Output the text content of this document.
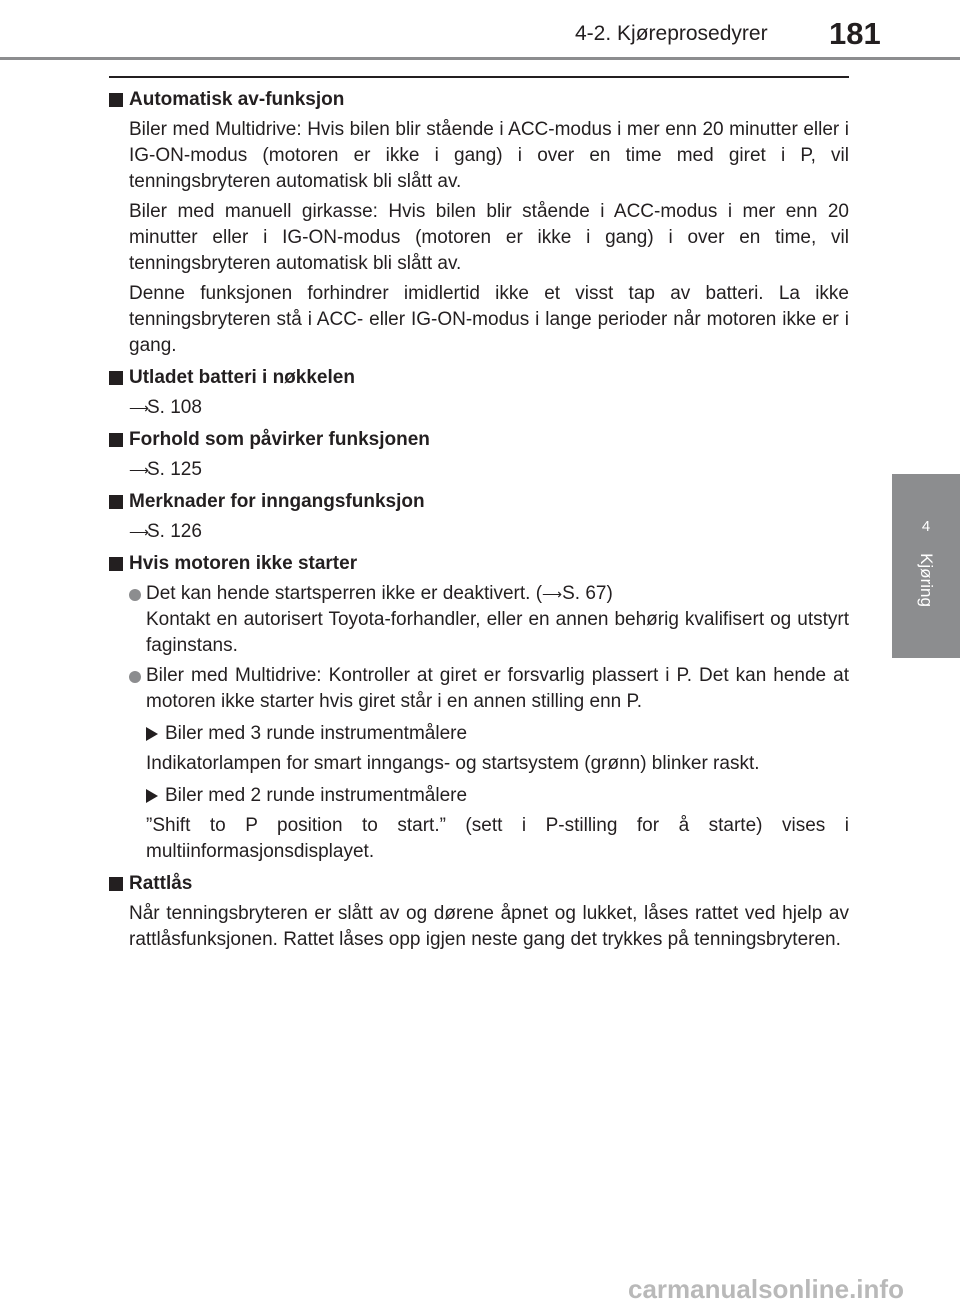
4-2. Kjøreprosedyrer 181
4
Kjøring

Automatisk av-funksjon

Biler med Multidrive: Hvis bilen blir stående i ACC-modus i mer enn 20 minutter eller i IG-ON-modus (motoren er ikke i gang) i over en time med giret i P, vil tenningsbryteren automatisk bli slått av.

Biler med manuell girkasse: Hvis bilen blir stående i ACC-modus i mer enn 20 minutter eller i IG-ON-modus (motoren er ikke i gang) i over en time, vil tenningsbryteren automatisk bli slått av.

Denne funksjonen forhindrer imidlertid ikke et visst tap av batteri. La ikke tenningsbryteren stå i ACC- eller IG-ON-modus i lange perioder når motoren ikke er i gang.

Utladet batteri i nøkkelen

⟶S. 108

Forhold som påvirker funksjonen

⟶S. 125

Merknader for inngangsfunksjon

⟶S. 126

Hvis motoren ikke starter

Det kan hende startsperren ikke er deaktivert. (⟶S. 67)
Kontakt en autorisert Toyota-forhandler, eller en annen behørig kvalifisert og utstyrt faginstans.
Biler med Multidrive: Kontroller at giret er forsvarlig plassert i P. Det kan hende at motoren ikke starter hvis giret står i en annen stilling enn P.
Biler med 3 runde instrumentmålere

Indikatorlampen for smart inngangs- og startsystem (grønn) blinker raskt.

Biler med 2 runde instrumentmålere

”Shift to P position to start.” (sett i P-stilling for å starte) vises i multiinformasjonsdisplayet.

Rattlås

Når tenningsbryteren er slått av og dørene åpnet og lukket, låses rattet ved hjelp av rattlåsfunksjonen. Rattet låses opp igjen neste gang det trykkes på tenningsbryteren.

carmanualsonline.info
